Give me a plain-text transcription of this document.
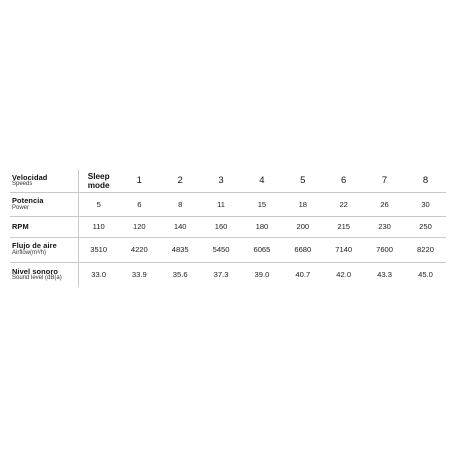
Velocidad
Speeds	Sleep mode	1	2	3	4	5	6	7	8

Potencia
Power	5	6	8	11	15	18	22	26	30

RPM	110	120	140	160	180	200	215	230	250

Flujo de aire
Airflow(m³/h)	3510	4220	4835	5450	6065	6680	7140	7600	8220

Nivel sonoro
Sound level (dB(a)	33.0	33.9	35.6	37.3	39.0	40.7	42.0	43.3	45.0
